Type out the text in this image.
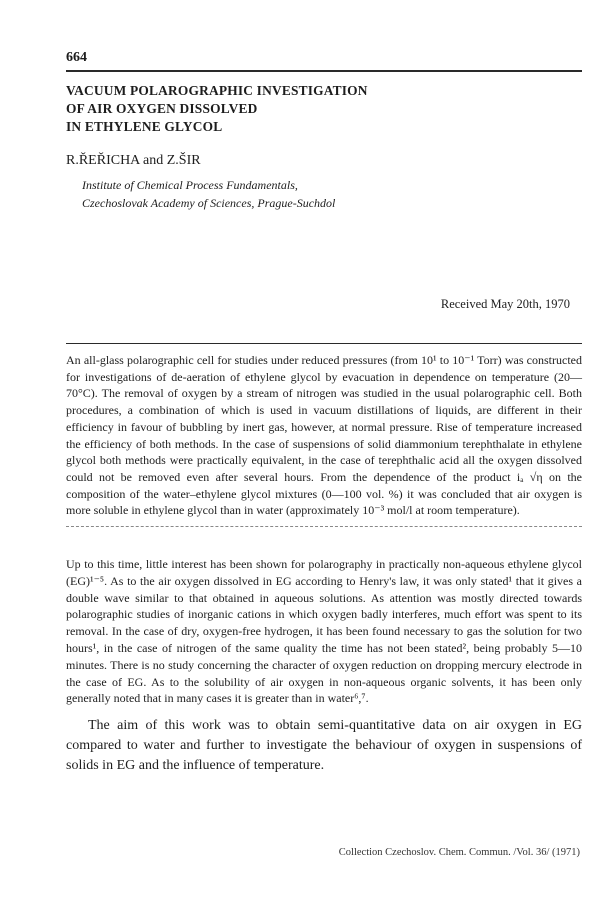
664

VACUUM POLAROGRAPHIC INVESTIGATION
OF AIR OXYGEN DISSOLVED
IN ETHYLENE GLYCOL

R.ŘEŘICHA and Z.ŠIR

Institute of Chemical Process Fundamentals,
Czechoslovak Academy of Sciences, Prague-Suchdol

Received May 20th, 1970

An all-glass polarographic cell for studies under reduced pressures (from 10¹ to 10⁻¹ Torr) was constructed for investigations of de-aeration of ethylene glycol by evacuation in dependence on temperature (20—70°C). The removal of oxygen by a stream of nitrogen was studied in the usual polarographic cell. Both procedures, a combination of which is used in vacuum distillations of liquids, are different in their efficiency in favour of bubbling by inert gas, however, at normal pressure. Rise of temperature increased the efficiency of both methods. In the case of suspensions of solid diammonium terephthalate in ethylene glycol both methods were practically equivalent, in the case of terephthalic acid all the oxygen dissolved could not be removed even after several hours. From the dependence of the product iₐ √η on the composition of the water–ethylene glycol mixtures (0—100 vol. %) it was concluded that air oxygen is more soluble in ethylene glycol than in water (approximately 10⁻³ mol/l at room temperature).

Up to this time, little interest has been shown for polarography in practically non-aqueous ethylene glycol (EG)¹⁻⁵. As to the air oxygen dissolved in EG according to Henry's law, it was only stated¹ that it gives a double wave similar to that obtained in aqueous solutions. As attention was mostly directed towards polarographic studies of inorganic cations in which oxygen badly interferes, much effort was spent to its removal. In the case of dry, oxygen-free hydrogen, it has been found necessary to gas the solution for two hours¹, in the case of nitrogen of the same quality the time has not been stated², being probably 5—10 minutes. There is no study concerning the character of oxygen reduction on dropping mercury electrode in the case of EG. As to the solubility of air oxygen in non-aqueous organic solvents, it has been only generally noted that in many cases it is greater than in water⁶,⁷.

The aim of this work was to obtain semi-quantitative data on air oxygen in EG compared to water and further to investigate the behaviour of oxygen in suspensions of solids in EG and the influence of temperature.

Collection Czechoslov. Chem. Commun. /Vol. 36/ (1971)
